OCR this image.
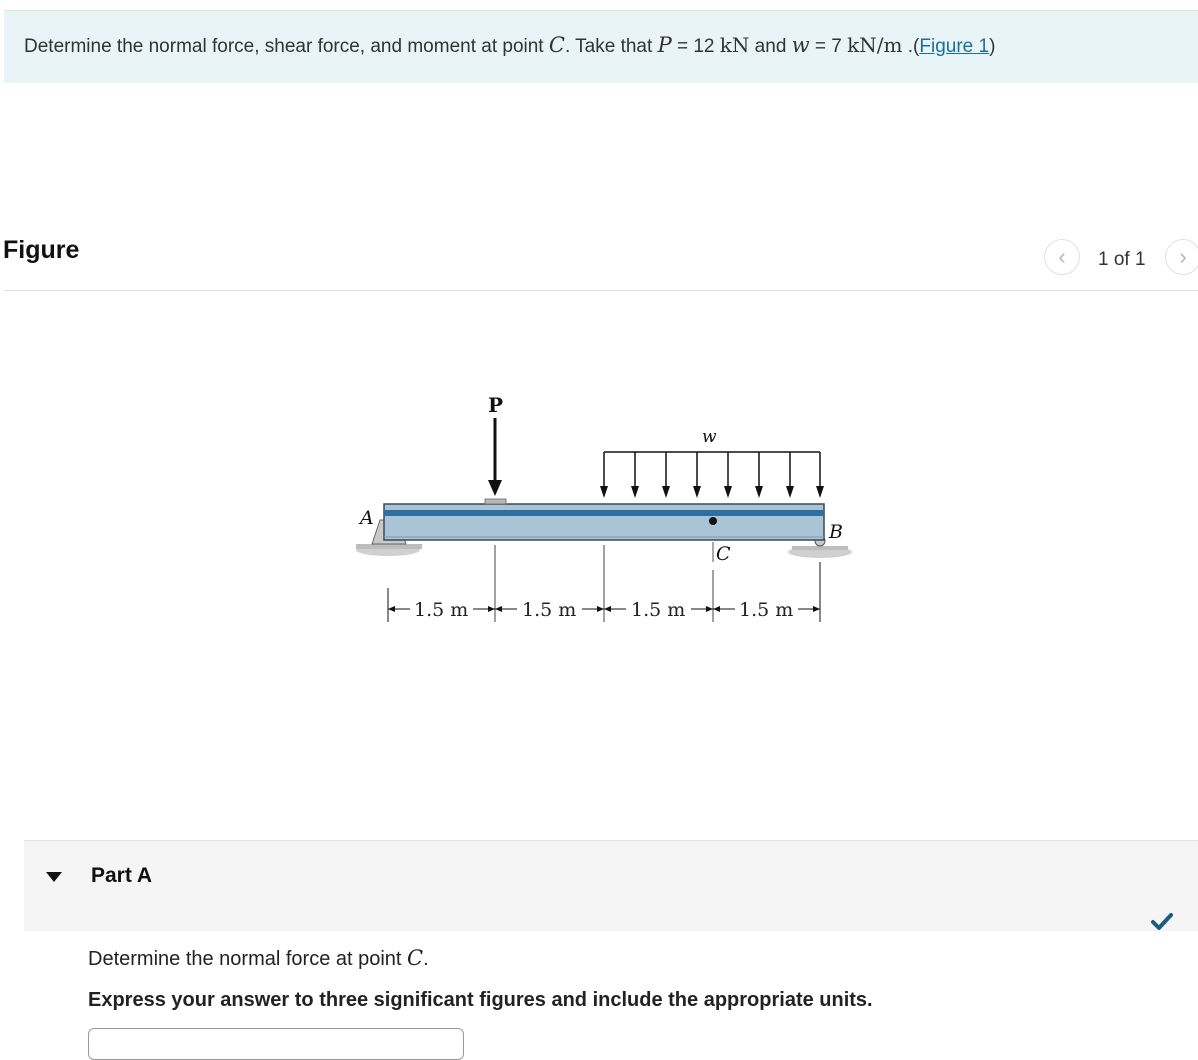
Determine the normal force, shear force, and moment at point C. Take that P = 12 kN and w = 7 kN/m .(Figure 1)
Figure	‹	1 of 1	›
P
w
C
A
B
1.5 m	1.5 m	1.5 m	1.5 m
Part A
Determine the normal force at point C.
Express your answer to three significant figures and include the appropriate units.
